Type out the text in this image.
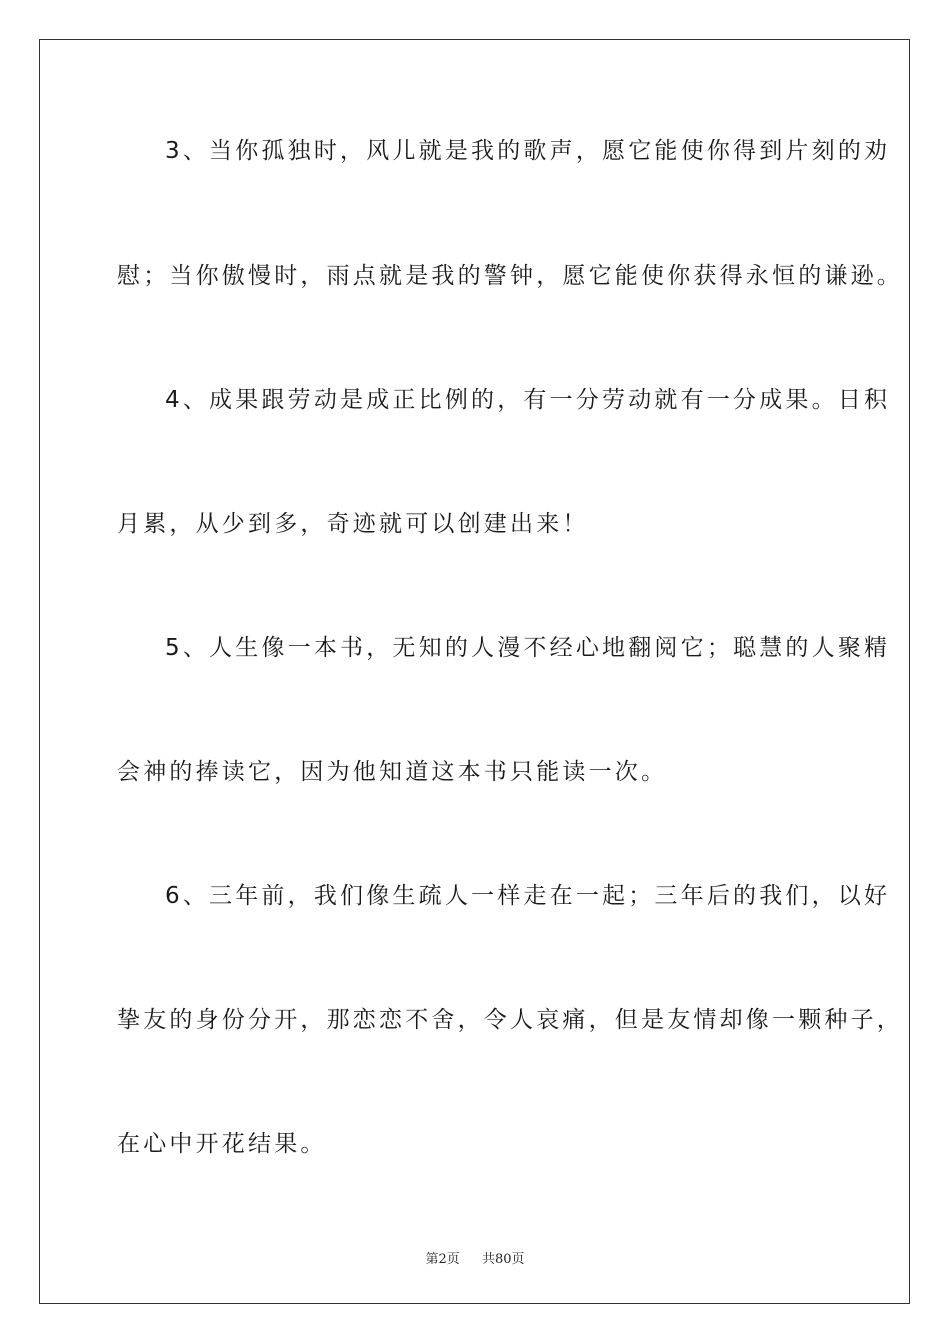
3、当你孤独时，风儿就是我的歌声，愿它能使你得到片刻的劝

慰；当你傲慢时，雨点就是我的警钟，愿它能使你获得永恒的谦逊。

4、成果跟劳动是成正比例的，有一分劳动就有一分成果。日积

月累，从少到多，奇迹就可以创建出来！

5、人生像一本书，无知的人漫不经心地翻阅它；聪慧的人聚精

会神的捧读它，因为他知道这本书只能读一次。

6、三年前，我们像生疏人一样走在一起；三年后的我们，以好

挚友的身份分开，那恋恋不舍，令人哀痛，但是友情却像一颗种子，

在心中开花结果。

第2页 共80页
